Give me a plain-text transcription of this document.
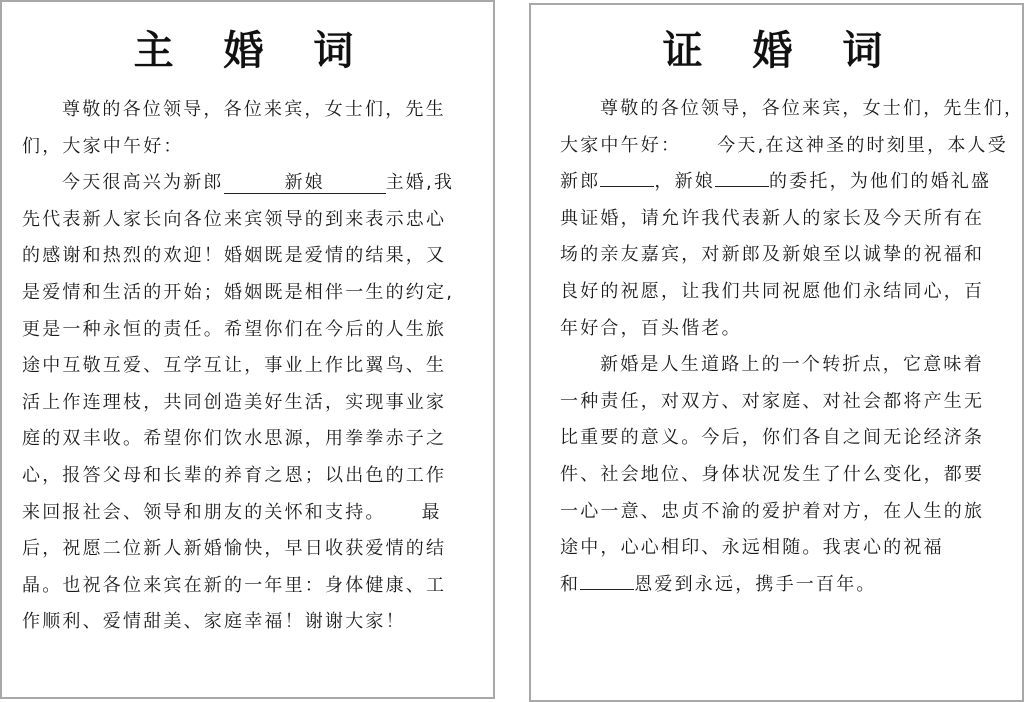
主 婚 词
尊敬的各位领导，各位来宾，女士们，先生
们，大家中午好：
今天很高兴为新郎	新娘	主婚,我
先代表新人家长向各位来宾领导的到来表示忠心
的感谢和热烈的欢迎！婚姻既是爱情的结果，又
是爱情和生活的开始；婚姻既是相伴一生的约定,
更是一种永恒的责任。希望你们在今后的人生旅
途中互敬互爱、互学互让，事业上作比翼鸟、生
活上作连理枝，共同创造美好生活，实现事业家
庭的双丰收。希望你们饮水思源，用拳拳赤子之
心，报答父母和长辈的养育之恩；以出色的工作
来回报社会、领导和朋友的关怀和支持。 最
后，祝愿二位新人新婚愉快，早日收获爱情的结
晶。也祝各位来宾在新的一年里：身体健康、工
作顺利、爱情甜美、家庭幸福！谢谢大家！
证 婚 词
尊敬的各位领导，各位来宾，女士们，先生们，
大家中午好： 今天,在这神圣的时刻里，本人受
新郎	，新娘	的委托，为他们的婚礼盛
典证婚，请允许我代表新人的家长及今天所有在
场的亲友嘉宾，对新郎及新娘至以诚挚的祝福和
良好的祝愿，让我们共同祝愿他们永结同心，百
年好合，百头偕老。
新婚是人生道路上的一个转折点，它意味着
一种责任，对双方、对家庭、对社会都将产生无
比重要的意义。今后，你们各自之间无论经济条
件、社会地位、身体状况发生了什么变化，都要
一心一意、忠贞不渝的爱护着对方，在人生的旅
途中，心心相印、永远相随。我衷心的祝福
和	恩爱到永远，携手一百年。
